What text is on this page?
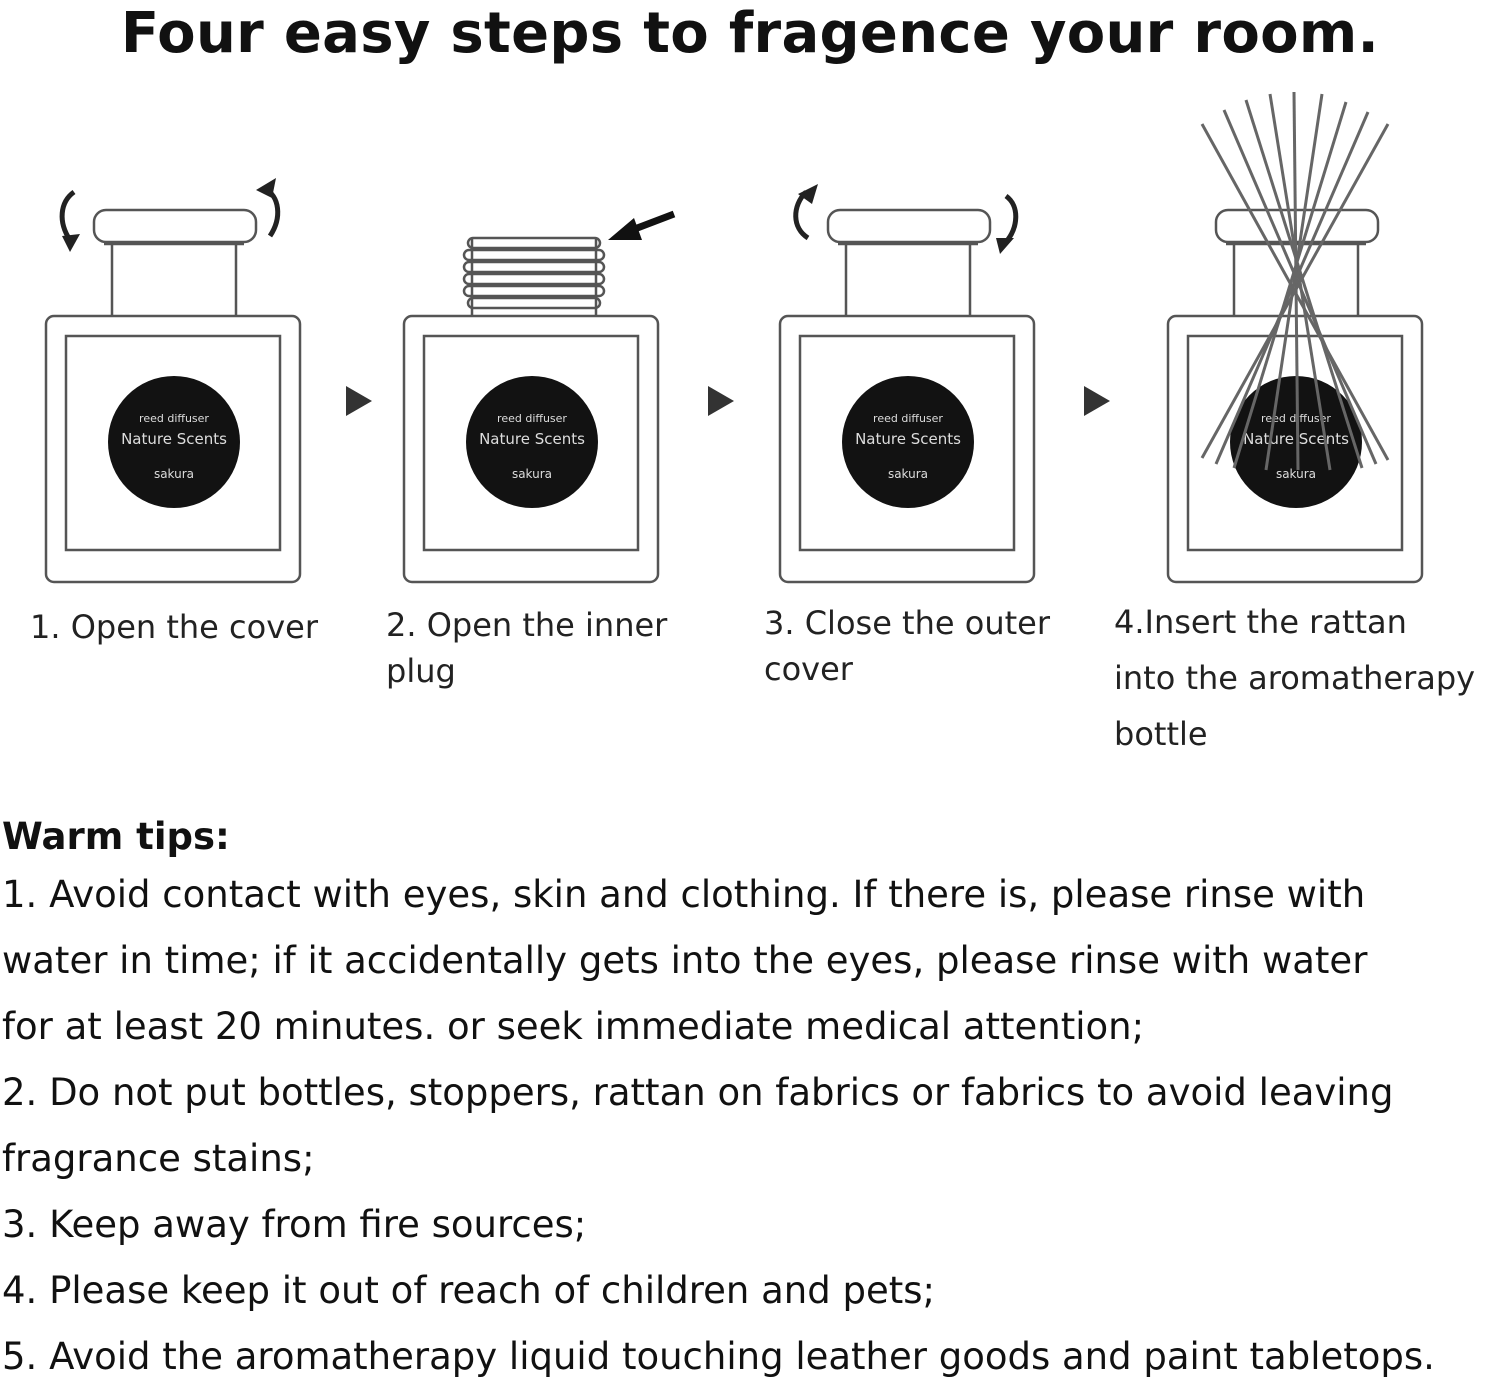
Four easy steps to fragence your room.
reed diffuser
Nature Scents
sakura
reed diffuser
Nature Scents
sakura
reed diffuser
Nature Scents
sakura
reed diffuser
Nature Scents
sakura
1. Open the cover 2. Open the inner
plug
3. Close the outer
cover
4.Insert the rattan
into the aromatherapy
bottle

Warm tips:

1. Avoid contact with eyes, skin and clothing. If there is, please rinse with

water in time; if it accidentally gets into the eyes, please rinse with water

for at least 20 minutes. or seek immediate medical attention;

2. Do not put bottles, stoppers, rattan on fabrics or fabrics to avoid leaving

fragrance stains;

3. Keep away from fire sources;

4. Please keep it out of reach of children and pets;

5. Avoid the aromatherapy liquid touching leather goods and paint tabletops.
